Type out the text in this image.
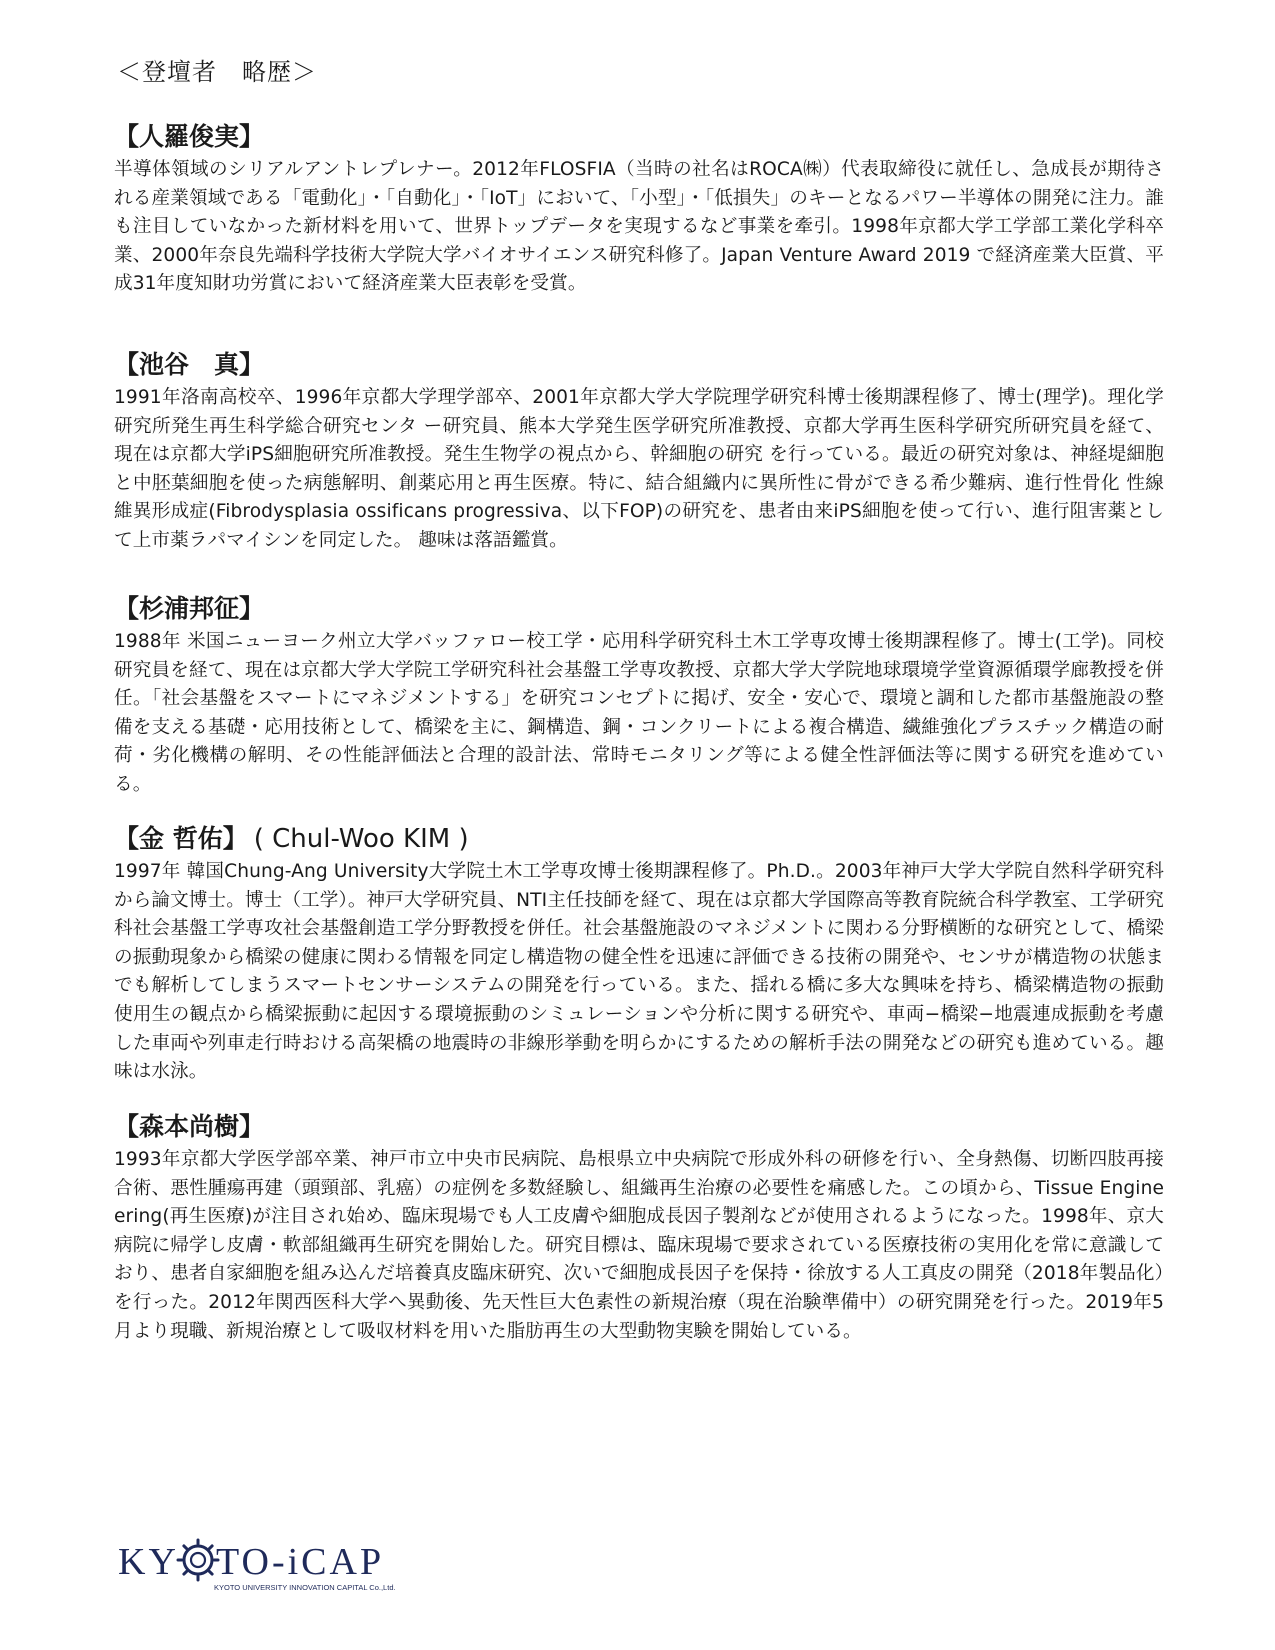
＜登壇者　略歴＞
【人羅俊実】
半導体領域のシリアルアントレプレナー。2012年FLOSFIA（当時の社名はROCA㈱）代表取締役に就任し、急成長が期待される産業領域である「電動化」・「自動化」・「IoT」において、「小型」・「低損失」のキーとなるパワー半導体の開発に注力。誰も注目していなかった新材料を用いて、世界トップデータを実現するなど事業を牽引。1998年京都大学工学部工業化学科卒業、2000年奈良先端科学技術大学院大学バイオサイエンス研究科修了。Japan Venture Award 2019 で経済産業大臣賞、平成31年度知財功労賞において経済産業大臣表彰を受賞。
【池谷　真】
1991年洛南高校卒、1996年京都大学理学部卒、2001年京都大学大学院理学研究科博士後期課程修了、博士(理学)。理化学研究所発生再生科学総合研究センタ ー研究員、熊本大学発生医学研究所准教授、京都大学再生医科学研究所研究員を経て、現在は京都大学iPS細胞研究所准教授。発生生物学の視点から、幹細胞の研究 を行っている。最近の研究対象は、神経堤細胞と中胚葉細胞を使った病態解明、創薬応用と再生医療。特に、結合組織内に異所性に骨ができる希少難病、進行性骨化 性線維異形成症(Fibrodysplasia ossificans progressiva、以下FOP)の研究を、患者由来iPS細胞を使って行い、進行阻害薬として上市薬ラパマイシンを同定した。 趣味は落語鑑賞。
【杉浦邦征】
1988年 米国ニューヨーク州立大学バッファロー校工学・応用科学研究科土木工学専攻博士後期課程修了。博士(工学)。同校研究員を経て、現在は京都大学大学院工学研究科社会基盤工学専攻教授、京都大学大学院地球環境学堂資源循環学廊教授を併任。「社会基盤をスマートにマネジメントする」を研究コンセプトに掲げ、安全・安心で、環境と調和した都市基盤施設の整備を支える基礎・応用技術として、橋梁を主に、鋼構造、鋼・コンクリートによる複合構造、繊維強化プラスチック構造の耐荷・劣化機構の解明、その性能評価法と合理的設計法、常時モニタリング等による健全性評価法等に関する研究を進めている。
【金 哲佑】 ( Chul-Woo KIM )
1997年 韓国Chung-Ang University大学院土木工学専攻博士後期課程修了。Ph.D.。2003年神戸大学大学院自然科学研究科から論文博士。博士（工学）。神戸大学研究員、NTI主任技師を経て、現在は京都大学国際高等教育院統合科学教室、工学研究科社会基盤工学専攻社会基盤創造工学分野教授を併任。社会基盤施設のマネジメントに関わる分野横断的な研究として、橋梁の振動現象から橋梁の健康に関わる情報を同定し構造物の健全性を迅速に評価できる技術の開発や、センサが構造物の状態までも解析してしまうスマートセンサーシステムの開発を行っている。また、揺れる橋に多大な興味を持ち、橋梁構造物の振動使用生の観点から橋梁振動に起因する環境振動のシミュレーションや分析に関する研究や、車両−橋梁−地震連成振動を考慮した車両や列車走行時おける高架橋の地震時の非線形挙動を明らかにするための解析手法の開発などの研究も進めている。趣味は水泳。
【森本尚樹】
1993年京都大学医学部卒業、神戸市立中央市民病院、島根県立中央病院で形成外科の研修を行い、全身熱傷、切断四肢再接合術、悪性腫瘍再建（頭頸部、乳癌）の症例を多数経験し、組織再生治療の必要性を痛感した。この頃から、Tissue Engineering(再生医療)が注目され始め、臨床現場でも人工皮膚や細胞成長因子製剤などが使用されるようになった。1998年、京大病院に帰学し皮膚・軟部組織再生研究を開始した。研究目標は、臨床現場で要求されている医療技術の実用化を常に意識しており、患者自家細胞を組み込んだ培養真皮臨床研究、次いで細胞成長因子を保持・徐放する人工真皮の開発（2018年製品化）を行った。2012年関西医科大学へ異動後、先天性巨大色素性の新規治療（現在治験準備中）の研究開発を行った。2019年5月より現職、新規治療として吸収材料を用いた脂肪再生の大型動物実験を開始している。
KY TO-iCAP
KYOTO UNIVERSITY INNOVATION CAPITAL Co.,Ltd.
